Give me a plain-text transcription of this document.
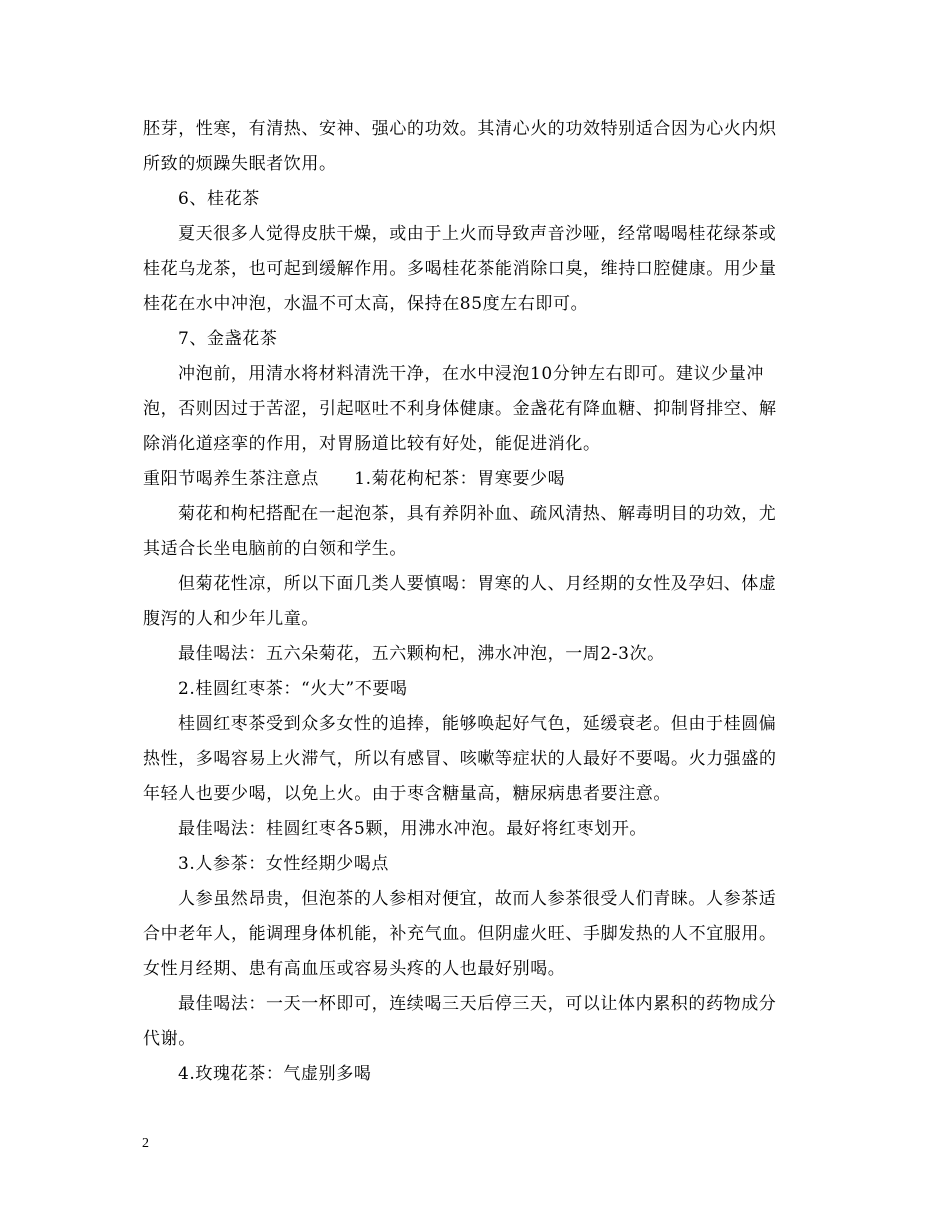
胚芽，性寒，有清热、安神、强心的功效。其清心火的功效特别适合因为心火内炽
所致的烦躁失眠者饮用。
6、桂花茶
夏天很多人觉得皮肤干燥，或由于上火而导致声音沙哑，经常喝喝桂花绿茶或
桂花乌龙茶，也可起到缓解作用。多喝桂花茶能消除口臭，维持口腔健康。用少量
桂花在水中冲泡，水温不可太高，保持在85度左右即可。
7、金盏花茶
冲泡前，用清水将材料清洗干净，在水中浸泡10分钟左右即可。建议少量冲
泡，否则因过于苦涩，引起呕吐不利身体健康。金盏花有降血糖、抑制肾排空、解
除消化道痉挛的作用，对胃肠道比较有好处，能促进消化。
重阳节喝养生茶注意点　　1.菊花枸杞茶：胃寒要少喝
菊花和枸杞搭配在一起泡茶，具有养阴补血、疏风清热、解毒明目的功效，尤
其适合长坐电脑前的白领和学生。
但菊花性凉，所以下面几类人要慎喝：胃寒的人、月经期的女性及孕妇、体虚
腹泻的人和少年儿童。
最佳喝法：五六朵菊花，五六颗枸杞，沸水冲泡，一周2-3次。
2.桂圆红枣茶：“火大”不要喝
桂圆红枣茶受到众多女性的追捧，能够唤起好气色，延缓衰老。但由于桂圆偏
热性，多喝容易上火滞气，所以有感冒、咳嗽等症状的人最好不要喝。火力强盛的
年轻人也要少喝，以免上火。由于枣含糖量高，糖尿病患者要注意。
最佳喝法：桂圆红枣各5颗，用沸水冲泡。最好将红枣划开。
3.人参茶：女性经期少喝点
人参虽然昂贵，但泡茶的人参相对便宜，故而人参茶很受人们青睐。人参茶适
合中老年人，能调理身体机能，补充气血。但阴虚火旺、手脚发热的人不宜服用。
女性月经期、患有高血压或容易头疼的人也最好别喝。
最佳喝法：一天一杯即可，连续喝三天后停三天，可以让体内累积的药物成分
代谢。
4.玫瑰花茶：气虚别多喝
2
